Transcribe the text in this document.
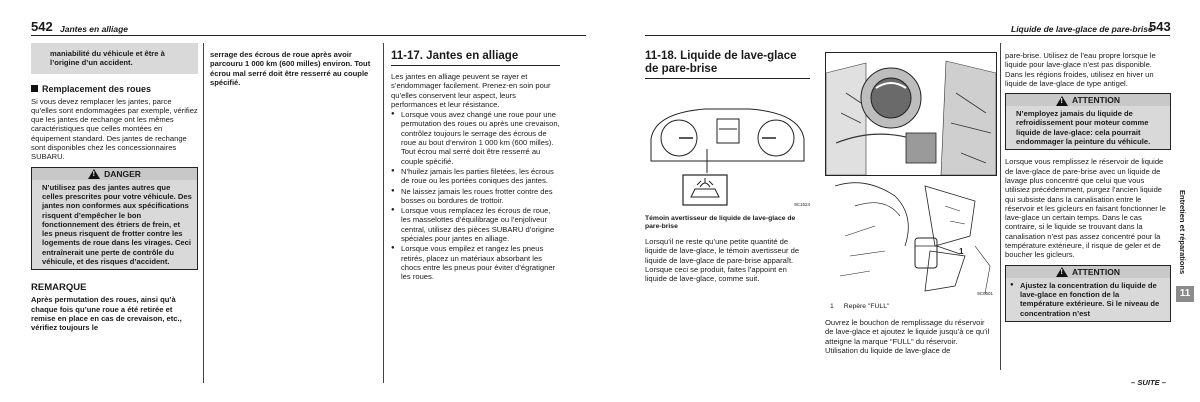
542 Jantes en alliage
maniabilité du véhicule et être à l’origine d’un accident.
Remplacement des roues

Si vous devez remplacer les jantes, parce qu’elles sont endommagées par exemple, vérifiez que les jantes de rechange ont les mêmes caractéristiques que celles montées en équipement standard. Des jantes de rechange sont disponibles chez les concessionnaires SUBARU.

!DANGER
N’utilisez pas des jantes autres que celles prescrites pour votre véhicule. Des jantes non conformes aux spécifications risquent d’empêcher le bon fonctionnement des étriers de frein, et les pneus risquent de frotter contre les logements de roue dans les virages. Ceci entraînerait une perte de contrôle du véhicule, et des risques d’accident.
REMARQUE

Après permutation des roues, ainsi qu’à chaque fois qu’une roue a été retirée et remise en place en cas de crevaison, etc., vérifiez toujours le

serrage des écrous de roue après avoir parcouru 1 000 km (600 milles) environ. Tout écrou mal serré doit être resserré au couple spécifié.

11-17. Jantes en alliage

Les jantes en alliage peuvent se rayer et s’endommager facilement. Prenez-en soin pour qu’elles conservent leur aspect, leurs performances et leur résistance.

● Lorsque vous avez changé une roue pour une permutation des roues ou après une crevaison, contrôlez toujours le serrage des écrous de roue au bout d’environ 1 000 km (600 milles). Tout écrou mal serré doit être resserré au couple spécifié.
● N’huilez jamais les parties filetées, les écrous de roue ou les portées coniques des jantes.
● Ne laissez jamais les roues frotter contre des bosses ou bordures de trottoir.
● Lorsque vous remplacez les écrous de roue, les masselottes d’équilibrage ou l’enjoliveur central, utilisez des pièces SUBARU d’origine spéciales pour jantes en alliage.
● Lorsque vous empilez et rangez les pneus retirés, placez un matériaux absorbant les chocs entre les pneus pour éviter d’égratigner les roues.
Liquide de lave-glace de pare-brise
543
11-18. Liquide de lave-glace
de pare-brise
9C1524

Témoin avertisseur de liquide de lave-glace de pare-brise

Lorsqu’il ne reste qu’une petite quantité de liquide de lave-glace, le témoin avertisseur de liquide de lave-glace de pare-brise apparaît. Lorsque ceci se produit, faites l’appoint en liquide de lave-glace, comme suit.

1
9C0501
1 Repère "FULL"

Ouvrez le bouchon de remplissage du réservoir de lave-glace et ajoutez le liquide jusqu’à ce qu’il atteigne la marque “FULL” du réservoir.

Utilisation du liquide de lave-glace de

pare-brise. Utilisez de l’eau propre lorsque le liquide pour lave-glace n’est pas disponible.

Dans les régions froides, utilisez en hiver un liquide de lave-glace de type antigel.

!ATTENTION
N’employez jamais du liquide de refroidissement pour moteur comme liquide de lave-glace: cela pourrait endommager la peinture du véhicule.

Lorsque vous remplissez le réservoir de liquide de lave-glace de pare-brise avec un liquide de lavage plus concentré que celui que vous utilisiez précédemment, purgez l’ancien liquide qui subsiste dans la canalisation entre le réservoir et les gicleurs en faisant fonctionner le lave-glace un certain temps. Dans le cas contraire, si le liquide se trouvant dans la canalisation n’est pas assez concentré pour la température extérieure, il risque de geler et de boucher les gicleurs.

!ATTENTION
● Ajustez la concentration du liquide de lave-glace en fonction de la température extérieure. Si le niveau de concentration n’est
– SUITE –
Entretien et réparations
11
